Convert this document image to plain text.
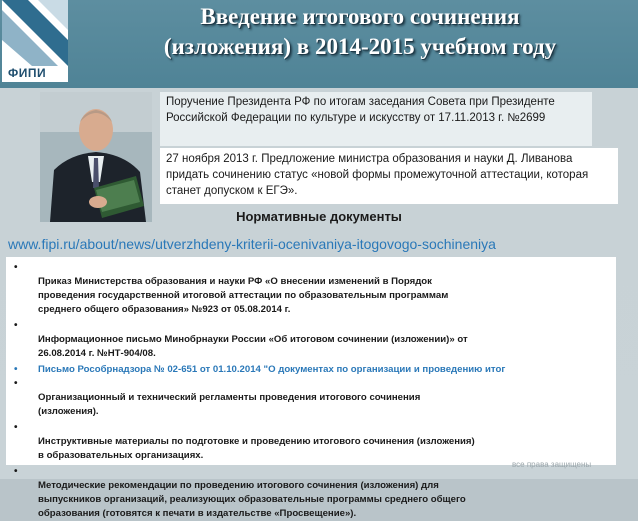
ФИПИ
Введение итогового сочинения
(изложения) в 2014-2015 учебном году
Поручение Президента РФ по итогам заседания Совета при Президенте Российской Федерации по культуре и искусству от 17.11.2013 г. №2699
27 ноября 2013 г. Предложение министра образования и науки Д. Ливанова придать сочинению статус «новой формы промежуточной аттестации, которая станет допуском к ЕГЭ».
Нормативные документы
www.fipi.ru/about/news/utverzhdeny-kriterii-ocenivaniya-itogovogo-sochineniya

•
Приказ Министерства образования и науки РФ «О внесении изменений в Порядок
проведения государственной итоговой аттестации по образовательным программам
среднего общего образования» №923 от 05.08.2014 г.

•
Информационное письмо Минобрнауки России «Об итоговом сочинении (изложении)» от
26.08.2014 г. №НТ-904/08.

• Письмо Рособрнадзора № 02-651 от 01.10.2014 "О документах по организации и проведению итог

•
Организационный и технический регламенты проведения итогового сочинения
(изложения).

•
Инструктивные материалы по подготовке и проведению итогового сочинения (изложения)
в образовательных организациях.

•
Методические рекомендации по проведению итогового сочинения (изложения) для
выпускников организаций, реализующих образовательные программы среднего общего
образования (готовятся к печати в издательстве «Просвещение»).

все права защищены
